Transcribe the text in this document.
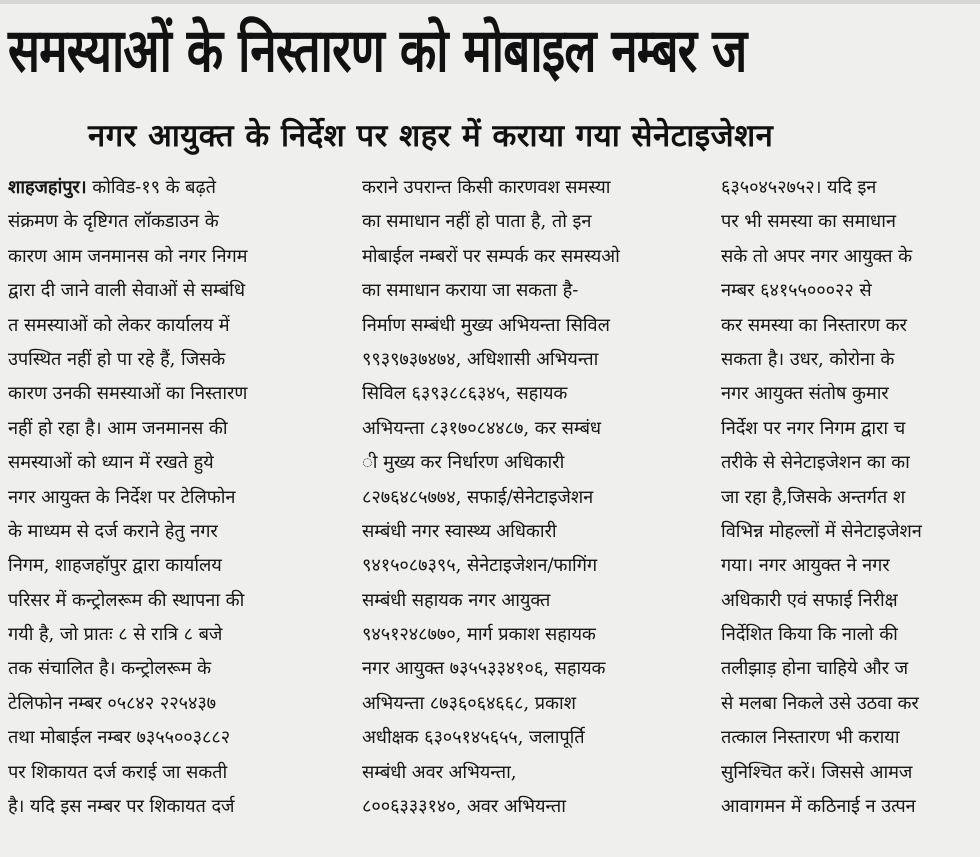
समस्याओं के निस्तारण को मोबाइल नम्बर ज
नगर आयुक्त के निर्देश पर शहर में कराया गया सेनेटाइजेशन
शाहजहांपुर। कोविड-१९ के बढ़ते
संक्रमण के दृष्टिगत लॉकडाउन के
कारण आम जनमानस को नगर निगम
द्वारा दी जाने वाली सेवाओं से सम्बंधि
त समस्याओं को लेकर कार्यालय में
उपस्थित नहीं हो पा रहे हैं, जिसके
कारण उनकी समस्याओं का निस्तारण
नहीं हो रहा है। आम जनमानस की
समस्याओं को ध्यान में रखते हुये
नगर आयुक्त के निर्देश पर टेलिफोन
के माध्यम से दर्ज कराने हेतु नगर
निगम, शाहजहॉपुर द्वारा कार्यालय
परिसर में कन्ट्रोलरूम की स्थापना की
गयी है, जो प्रातः ८ से रात्रि ८ बजे
तक संचालित है। कन्ट्रोलरूम के
टेलिफोन नम्बर ०५८४२ २२५४३७
तथा मोबाईल नम्बर ७३५५००३८८२
पर शिकायत दर्ज कराई जा सकती
है। यदि इस नम्बर पर शिकायत दर्ज
कराने उपरान्त किसी कारणवश समस्या
का समाधान नहीं हो पाता है, तो इन
मोबाईल नम्बरों पर सम्पर्क कर समस्यओ
का समाधान कराया जा सकता है-
निर्माण सम्बंधी मुख्य अभियन्ता सिविल
९९३९७३७४७४, अधिशासी अभियन्ता
सिविल ६३९३८८६३४५, सहायक
अभियन्ता ८३१७०८४४८७, कर सम्बंध
ी मुख्य कर निर्धारण अधिकारी
८२७६४८५७७४, सफाई/सेनेटाइजेशन
सम्बंधी नगर स्वास्थ्य अधिकारी
९४१५०८७३९५, सेनेटाइजेशन/फागिंग
सम्बंधी सहायक नगर आयुक्त
९४५१२४८७७०, मार्ग प्रकाश सहायक
नगर आयुक्त ७३५५३३४१०६, सहायक
अभियन्ता ८७३६०६४६६८, प्रकाश
अधीक्षक ६३०५१४५६५५, जलापूर्ति
सम्बंधी अवर अभियन्ता,
८००६३३३१४०, अवर अभियन्ता
६३५०४५२७५२। यदि इन
पर भी समस्या का समाधान
सके तो अपर नगर आयुक्त के
नम्बर ६४१५५०००२२ से
कर समस्या का निस्तारण कर
सकता है। उधर, कोरोना के
नगर आयुक्त संतोष कुमार
निर्देश पर नगर निगम द्वारा च
तरीके से सेनेटाइजेशन का का
जा रहा है,जिसके अन्तर्गत श
विभिन्न मोहल्लों में सेनेटाइजेशन
गया। नगर आयुक्त ने नगर
अधिकारी एवं सफाई निरीक्ष
निर्देशित किया कि नालो की
तलीझाड़ होना चाहिये और ज
से मलबा निकले उसे उठवा कर
तत्काल निस्तारण भी कराया
सुनिश्चित करें। जिससे आमज
आवागमन में कठिनाई न उत्पन
